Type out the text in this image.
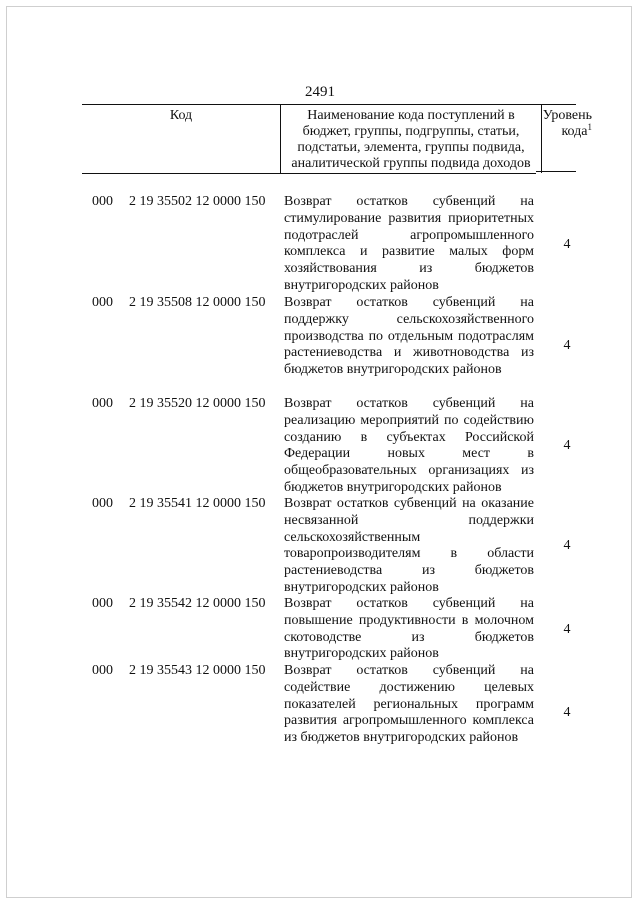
2491
Код	Наименование кода поступлений в бюджет, группы, подгруппы, статьи, подстатьи, элемента, группы подвида, аналитической группы подвида доходов
Уровень кода$^1$
000 2 19 35502 12 0000 150 Возврат остатков субвенций на стимулирование развития приоритетных подотраслей агропромышленного комплекса и развитие малых форм хозяйствования из бюджетов внутригородских районов
4
000 2 19 35508 12 0000 150 Возврат остатков субвенций на поддержку сельскохозяйственного производства по отдельным подотраслям растениеводства и животноводства из бюджетов внутригородских районов
4
000 2 19 35520 12 0000 150 Возврат остатков субвенций на реализацию мероприятий по содействию созданию в субъектах Российской Федерации новых мест в общеобразовательных организациях из бюджетов внутригородских районов
4
000 2 19 35541 12 0000 150 Возврат остатков субвенций на оказание несвязанной поддержки сельскохозяйственным товаропроизводителям в области растениеводства из бюджетов внутригородских районов
4
000 2 19 35542 12 0000 150 Возврат остатков субвенций на повышение продуктивности в молочном скотоводстве из бюджетов внутригородских районов
4
000 2 19 35543 12 0000 150 Возврат остатков субвенций на содействие достижению целевых показателей региональных программ развития агропромышленного комплекса из бюджетов внутригородских районов
4
